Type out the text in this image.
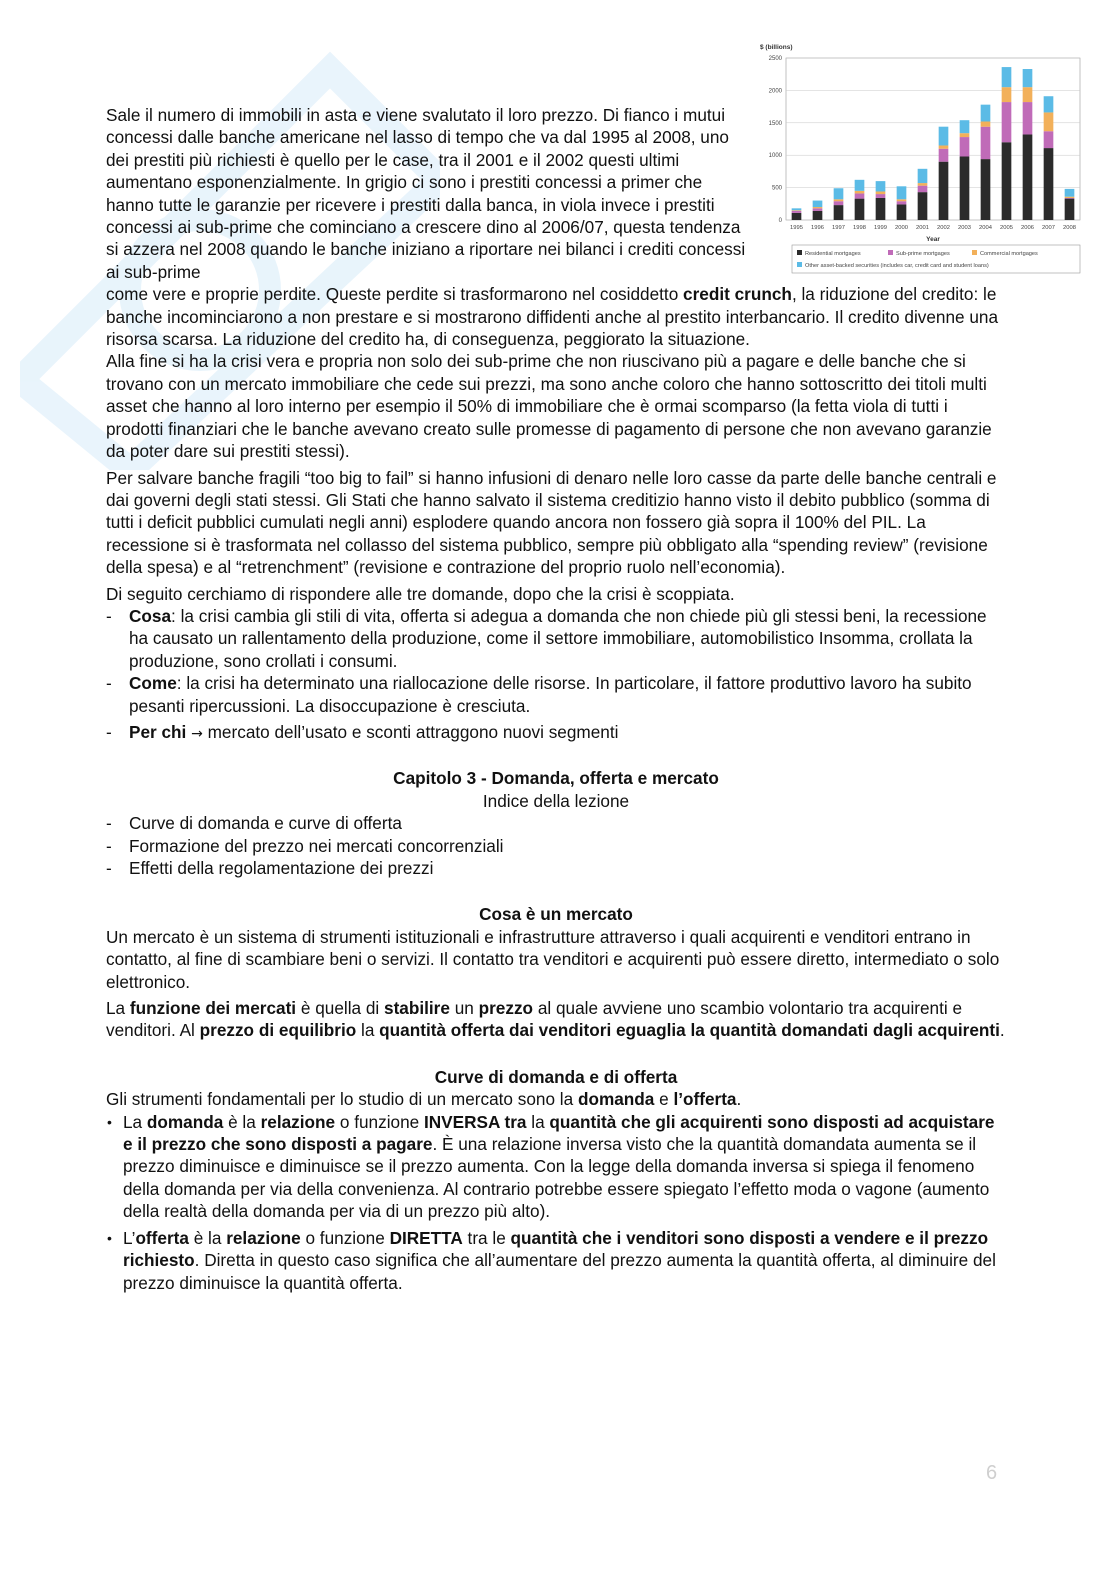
$ (billions)
0
500
1000
1500
2000
2500
1995 1996 1997 1998 1999 2000 2001 2002 2003 2004 2005 2006 2007 2008
Year
Residential mortgages	Sub-prime mortgages	Commercial mortgages
Other asset-backed securities (includes car, credit card and student loans)

Sale il numero di immobili in asta e viene svalutato il loro prezzo. Di fianco i mutui concessi dalle banche americane nel lasso di tempo che va dal 1995 al 2008, uno dei prestiti più richiesti è quello per le case, tra il 2001 e il 2002 questi ultimi aumentano esponenzialmente. In grigio ci sono i prestiti concessi a primer che hanno tutte le garanzie per ricevere i prestiti dalla banca, in viola invece i prestiti concessi ai sub-prime che cominciano a crescere dino al 2006/07, questa tendenza si azzera nel 2008 quando le banche iniziano a riportare nei bilanci i crediti concessi ai sub-prime

come vere e proprie perdite. Queste perdite si trasformarono nel cosiddetto credit crunch, la riduzione del credito: le banche incominciarono a non prestare e si mostrarono diffidenti anche al prestito interbancario. Il credito divenne una risorsa scarsa. La riduzione del credito ha, di conseguenza, peggiorato la situazione.

Alla fine si ha la crisi vera e propria non solo dei sub-prime che non riuscivano più a pagare e delle banche che si trovano con un mercato immobiliare che cede sui prezzi, ma sono anche coloro che hanno sottoscritto dei titoli multi asset che hanno al loro interno per esempio il 50% di immobiliare che è ormai scomparso (la fetta viola di tutti i prodotti finanziari che le banche avevano creato sulle promesse di pagamento di persone che non avevano garanzie da poter dare sui prestiti stessi).

Per salvare banche fragili “too big to fail” si hanno infusioni di denaro nelle loro casse da parte delle banche centrali e dai governi degli stati stessi. Gli Stati che hanno salvato il sistema creditizio hanno visto il debito pubblico (somma di tutti i deficit pubblici cumulati negli anni) esplodere quando ancora non fossero già sopra il 100% del PIL. La recessione si è trasformata nel collasso del sistema pubblico, sempre più obbligato alla “spending review” (revisione della spesa) e al “retrenchment” (revisione e contrazione del proprio ruolo nell’economia).

Di seguito cerchiamo di rispondere alle tre domande, dopo che la crisi è scoppiata.

- Cosa: la crisi cambia gli stili di vita, offerta si adegua a domanda che non chiede più gli stessi beni, la recessione ha causato un rallentamento della produzione, come il settore immobiliare, automobilistico Insomma, crollata la produzione, sono crollati i consumi.
- Come: la crisi ha determinato una riallocazione delle risorse. In particolare, il fattore produttivo lavoro ha subito pesanti ripercussioni. La disoccupazione è cresciuta.
- Per chi → mercato dell’usato e sconti attraggono nuovi segmenti

Capitolo 3 - Domanda, offerta e mercato

Indice della lezione

- Curve di domanda e curve di offerta
- Formazione del prezzo nei mercati concorrenziali
- Effetti della regolamentazione dei prezzi

Cosa è un mercato

Un mercato è un sistema di strumenti istituzionali e infrastrutture attraverso i quali acquirenti e venditori entrano in contatto, al fine di scambiare beni o servizi. Il contatto tra venditori e acquirenti può essere diretto, intermediato o solo elettronico.

La funzione dei mercati è quella di stabilire un prezzo al quale avviene uno scambio volontario tra acquirenti e venditori. Al prezzo di equilibrio la quantità offerta dai venditori eguaglia la quantità domandati dagli acquirenti.

Curve di domanda e di offerta

Gli strumenti fondamentali per lo studio di un mercato sono la domanda e l’offerta.

• La domanda è la relazione o funzione INVERSA tra la quantità che gli acquirenti sono disposti ad acquistare e il prezzo che sono disposti a pagare. È una relazione inversa visto che la quantità domandata aumenta se il prezzo diminuisce e diminuisce se il prezzo aumenta. Con la legge della domanda inversa si spiega il fenomeno della domanda per via della convenienza. Al contrario potrebbe essere spiegato l’effetto moda o vagone (aumento della realtà della domanda per via di un prezzo più alto).
• L’offerta è la relazione o funzione DIRETTA tra le quantità che i venditori sono disposti a vendere e il prezzo richiesto. Diretta in questo caso significa che all’aumentare del prezzo aumenta la quantità offerta, al diminuire del prezzo diminuisce la quantità offerta.
6
